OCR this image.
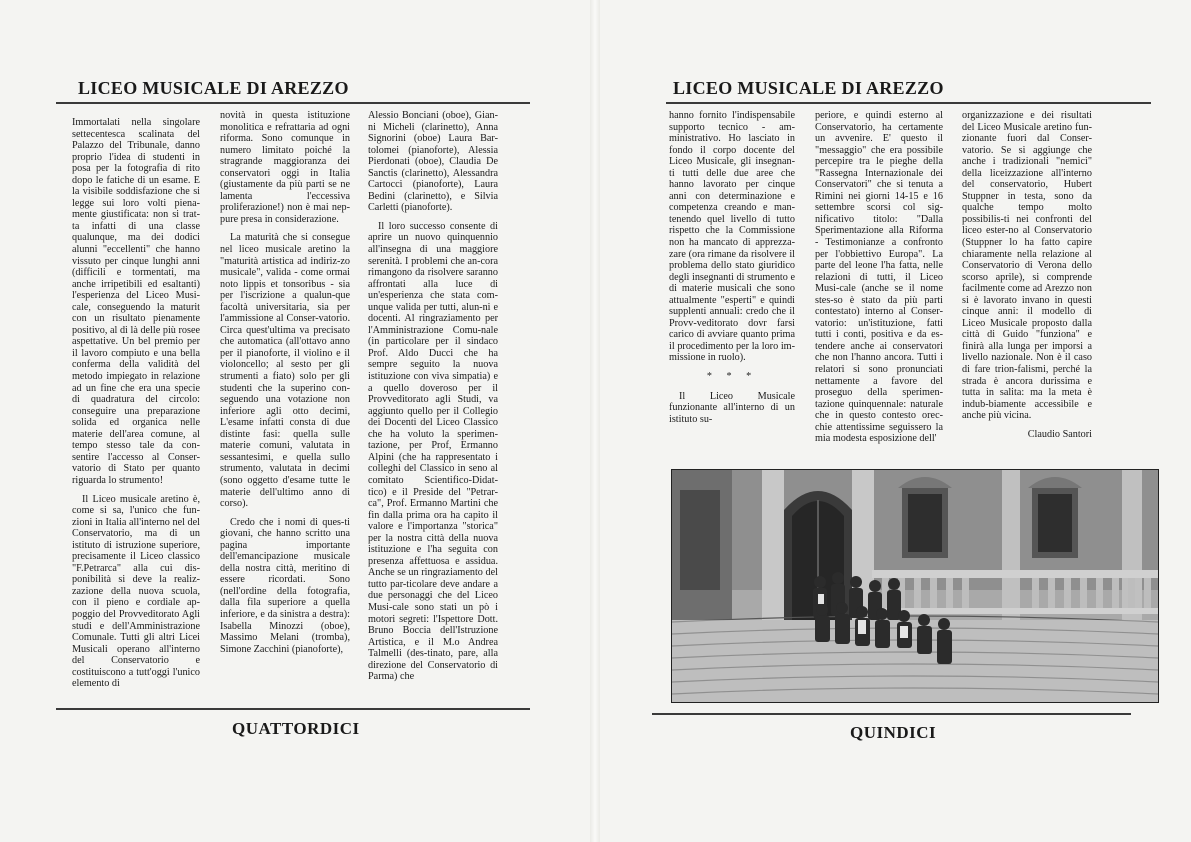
LICEO MUSICALE DI AREZZO

Immortalati nella singolare settecentesca scalinata del Palazzo del Tribunale, danno proprio l'idea di studenti in posa per la fotografia di rito dopo le fatiche di un esame. E la visibile soddisfazione che si legge sui loro volti piena-mente giustificata: non si trat-ta infatti di una classe qualunque, ma dei dodici alunni "eccellenti" che hanno vissuto per cinque lunghi anni (difficili e tormentati, ma anche irripetibili ed esaltanti) l'esperienza del Liceo Musi-cale, conseguendo la maturit con un risultato pienamente positivo, al di là delle più rosee aspettative. Un bel premio per il lavoro compiuto e una bella conferma della validità del metodo impiegato in relazione ad un fine che era una specie di quadratura del circolo: conseguire una preparazione solida ed organica nelle materie dell'area comune, al tempo stesso tale da con-sentire l'accesso al Conser-vatorio di Stato per quanto riguarda lo strumento!

Il Liceo musicale aretino è, come si sa, l'unico che fun-zioni in Italia all'interno nel del Conservatorio, ma di un istituto di istruzione superiore, precisamente il Liceo classico "F.Petrarca" alla cui dis-ponibilità si deve la realiz-zazione della nuova scuola, con il pieno e cordiale ap-poggio del Provveditorato Agli studi e dell'Amministrazione Comunale. Tutti gli altri Licei Musicali operano all'interno del Conservatorio e costituiscono a tutt'oggi l'unico elemento di

novità in questa istituzione monolitica e refrattaria ad ogni riforma. Sono comunque in numero limitato poiché la stragrande maggioranza dei conservatori oggi in Italia (giustamente da più parti se ne lamenta l'eccessiva proliferazione!) non è mai nep-pure presa in considerazione.

La maturità che si consegue nel liceo musicale aretino la "maturità artistica ad indiriz-zo musicale", valida - come ormai noto lippis et tonsoribus - sia per l'iscrizione a qualun-que facoltà universitaria, sia per l'ammissione al Conser-vatorio. Circa quest'ultima va precisato che automatica (all'ottavo anno per il pianoforte, il violino e il violoncello; al sesto per gli strumenti a fiato) solo per gli studenti che la superino con-seguendo una votazione non inferiore agli otto decimi, L'esame infatti consta di due distinte fasi: quella sulle materie comuni, valutata in sessantesimi, e quella sullo strumento, valutata in decimi (sono oggetto d'esame tutte le materie dell'ultimo anno di corso).

Credo che i nomi di ques-ti giovani, che hanno scritto una pagina importante dell'emancipazione musicale della nostra città, meritino di essere ricordati. Sono (nell'ordine della fotografia, dalla fila superiore a quella inferiore, e da sinistra a destra): Isabella Minozzi (oboe), Massimo Melani (tromba), Simone Zacchini (pianoforte),

Alessio Bonciani (oboe), Gian-ni Micheli (clarinetto), Anna Signorini (oboe) Laura Bar-tolomei (pianoforte), Alessia Pierdonati (oboe), Claudia De Sanctis (clarinetto), Alessandra Cartocci (pianoforte), Laura Bedini (clarinetto), e Silvia Carletti (pianoforte).

Il loro successo consente di aprire un nuovo quinquennio all'insegna di una maggiore serenità. I problemi che an-cora rimangono da risolvere saranno affrontati alla luce di un'esperienza che stata com-unque valida per tutti, alun-ni e docenti. Al ringraziamento per l'Amministrazione Comu-nale (in particolare per il sindaco Prof. Aldo Ducci che ha sempre seguito la nuova istituzione con viva simpatia) e a quello doveroso per il Provveditorato agli Studi, va aggiunto quello per il Collegio dei Docenti del Liceo Classico che ha voluto la sperimen-tazione, per Prof, Ermanno Alpini (che ha rappresentato i colleghi del Classico in seno al comitato Scientifico-Didat-tico) e il Preside del "Petrar-ca", Prof. Ermanno Martini che fin dalla prima ora ha capito il valore e l'importanza "storica" per la nostra città della nuova istituzione e l'ha seguita con presenza affettuosa e assidua. Anche se un ringraziamento del tutto par-ticolare deve andare a due personaggi che del Liceo Musi-cale sono stati un pò i motori segreti: l'Ispettore Dott. Bruno Boccia dell'Istruzione Artistica, e il M.o Andrea Talmelli (des-tinato, pare, alla direzione del Conservatorio di Parma) che

QUATTORDICI
LICEO MUSICALE DI AREZZO

hanno fornito l'indispensabile supporto tecnico - am-ministrativo. Ho lasciato in fondo il corpo docente del Liceo Musicale, gli insegnan-ti tutti delle due aree che hanno lavorato per cinque anni con determinazione e competenza creando e man-tenendo quel livello di tutto rispetto che la Commissione non ha mancato di apprezza-zare (ora rimane da risolvere il problema dello stato giuridico degli insegnanti di strumento e di materie musicali che sono attualmente "esperti" e quindi supplenti annuali: credo che il Provv-veditorato dovr farsi carico di avviare quanto prima il procedimento per la loro im-missione in ruolo).

* * *

Il Liceo Musicale funzionante all'interno di un istituto su-

periore, e quindi esterno al Conservatorio, ha certamente un avvenire. E' questo il "messaggio" che era possibile percepire tra le pieghe della "Rassegna Internazionale dei Conservatori" che si tenuta a Rimini nei giorni 14-15 e 16 settembre scorsi col sig-nificativo titolo: "Dalla Sperimentazione alla Riforma - Testimonianze a confronto per l'obbiettivo Europa". La parte del leone l'ha fatta, nelle relazioni di tutti, il Liceo Musi-cale (anche se il nome stes-so è stato da più parti contestato) interno al Conser-vatorio: un'istituzione, fatti tutti i conti, positiva e da es-tendere anche ai conservatori che non l'hanno ancora. Tutti i relatori si sono pronunciati nettamente a favore del proseguo della sperimen-tazione quinquennale: naturale che in questo contesto orec-chie attentissime seguissero la mia modesta esposizione dell'

organizzazione e dei risultati del Liceo Musicale aretino fun-zionante fuori dal Conser-vatorio. Se si aggiunge che anche i tradizionali "nemici" della liceizzazione all'interno del conservatorio, Hubert Stuppner in testa, sono da qualche tempo molto possibilis-ti nei confronti del liceo ester-no al Conservatorio (Stuppner lo ha fatto capire chiaramente nella relazione al Conservatorio di Verona dello scorso aprile), si comprende facilmente come ad Arezzo non si è lavorato invano in questi cinque anni: il modello di Liceo Musicale proposto dalla città di Guido "funziona" e finirà alla lunga per imporsi a livello nazionale. Non è il caso di fare trion-falismi, perché la strada è ancora durissima e tutta in salita: ma la meta è indub-biamente accessibile e anche più vicina.

Claudio Santori

QUINDICI
